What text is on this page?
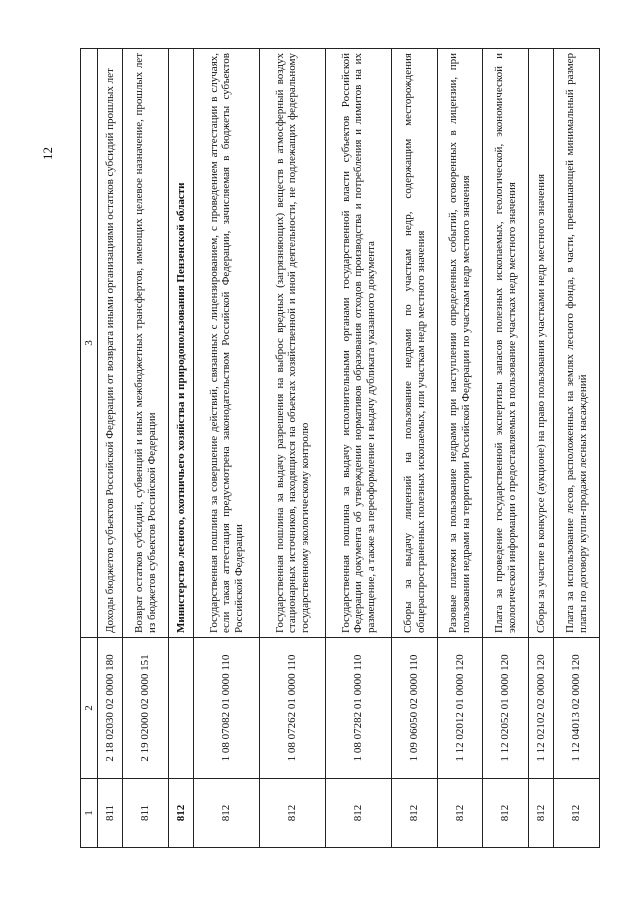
12
1	2	3
811	2 18 02030 02 0000 180	Доходы бюджетов субъектов Российской Федерации от возврата иными организациями остатков субсидий прошлых лет
811	2 19 02000 02 0000 151	Возврат остатков субсидий, субвенций и иных межбюджетных трансфертов, имеющих целевое назначение, прошлых лет из бюджетов субъектов Российской Федерации
812		Министерство лесного, охотничьего хозяйства и природопользования Пензенской области
812	1 08 07082 01 0000 110	Государственная пошлина за совершение действий, связанных с лицензированием, с проведением аттестации в случаях, если такая аттестация предусмотрена законодательством Российской Федерации, зачисляемая в бюджеты субъектов Российской Федерации
812	1 08 07262 01 0000 110	Государственная пошлина за выдачу разрешения на выброс вредных (загрязняющих) веществ в атмосферный воздух стационарных источников, находящихся на объектах хозяйственной и иной деятельности, не подлежащих федеральному государственному экологическому контролю
812	1 08 07282 01 0000 110	Государственная пошлина за выдачу исполнительными органами государственной власти субъектов Российской Федерации документа об утверждении нормативов образования отходов производства и потребления и лимитов на их размещение, а также за переоформление и выдачу дубликата указанного документа
812	1 09 06050 02 0000 110	Сборы за выдачу лицензий на пользование недрами по участкам недр, содержащим месторождения общераспространенных полезных ископаемых, или участкам недр местного значения
812	1 12 02012 01 0000 120	Разовые платежи за пользование недрами при наступлении определенных событий, оговоренных в лицензии, при пользовании недрами на территории Российской Федерации по участкам недр местного значения
812	1 12 02052 01 0000 120	Плата за проведение государственной экспертизы запасов полезных ископаемых, геологической, экономической и экологической информации о предоставляемых в пользование участках недр местного значения
812	1 12 02102 02 0000 120	Сборы за участие в конкурсе (аукционе) на право пользования участками недр местного значения
812	1 12 04013 02 0000 120	Плата за использование лесов, расположенных на землях лесного фонда, в части, превышающей минимальный размер платы по договору купли-продажи лесных насаждений
